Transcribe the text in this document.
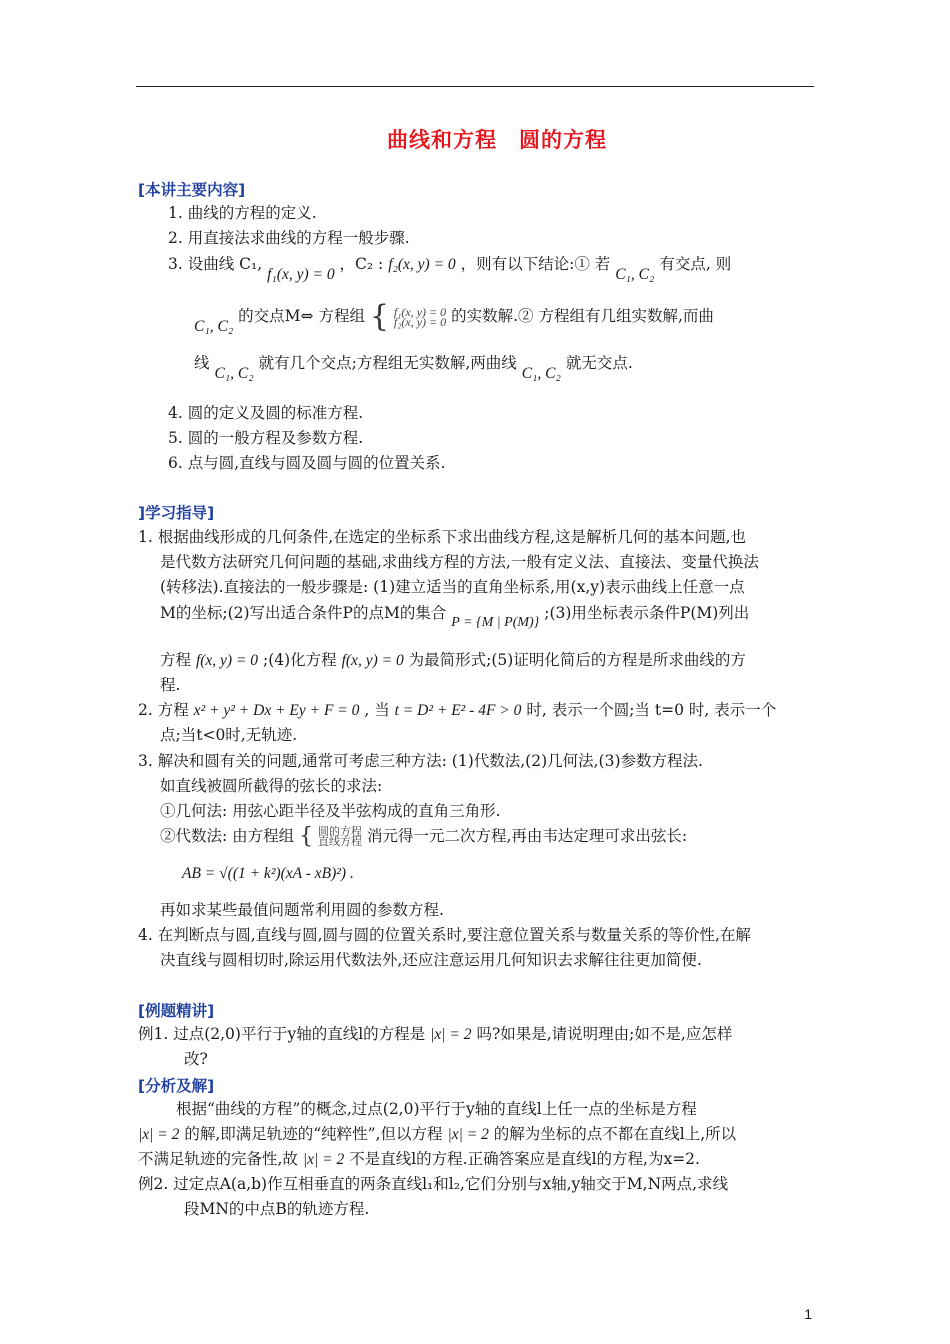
曲线和方程　圆的方程
[本讲主要内容]
1. 曲线的方程的定义.
2. 用直接法求曲线的方程一般步骤.
3. 设曲线 C₁, f₁(x, y) = 0 ，C₂ : f₂(x, y) = 0 ，则有以下结论:① 若 C₁, C₂ 有交点, 则
C₁, C₂ 的交点M⇔ 方程组 { f₁(x, y) = 0
f₂(x, y) = 0 的实数解.② 方程组有几组实数解,而曲
线 C₁, C₂ 就有几个交点;方程组无实数解,两曲线 C₁, C₂ 就无交点.
4. 圆的定义及圆的标准方程.
5. 圆的一般方程及参数方程.
6. 点与圆,直线与圆及圆与圆的位置关系.
]学习指导]
1. 根据曲线形成的几何条件,在选定的坐标系下求出曲线方程,这是解析几何的基本问题,也
是代数方法研究几何问题的基础,求曲线方程的方法,一般有定义法、直接法、变量代换法
(转移法).直接法的一般步骤是: (1)建立适当的直角坐标系,用(x,y)表示曲线上任意一点
M的坐标;(2)写出适合条件P的点M的集合 P = {M | P(M)} ;(3)用坐标表示条件P(M)列出
方程 f(x, y) = 0 ;(4)化方程 f(x, y) = 0 为最简形式;(5)证明化简后的方程是所求曲线的方
程.
2. 方程 x² + y² + Dx + Ey + F = 0 , 当 t = D² + E² - 4F > 0 时, 表示一个圆;当 t=0 时, 表示一个
点;当t<0时,无轨迹.
3. 解决和圆有关的问题,通常可考虑三种方法: (1)代数法,(2)几何法,(3)参数方程法.
如直线被圆所截得的弦长的求法:
①几何法: 用弦心距半径及半弦构成的直角三角形.
②代数法: 由方程组 { 圆的方程
直线方程 消元得一元二次方程,再由韦达定理可求出弦长:
AB = √((1 + k²)(xA - xB)²) .
再如求某些最值问题常利用圆的参数方程.
4. 在判断点与圆,直线与圆,圆与圆的位置关系时,要注意位置关系与数量关系的等价性,在解
决直线与圆相切时,除运用代数法外,还应注意运用几何知识去求解往往更加简便.
[例题精讲]
例1. 过点(2,0)平行于y轴的直线l的方程是 |x| = 2 吗?如果是,请说明理由;如不是,应怎样
改?
[分析及解]
根据“曲线的方程”的概念,过点(2,0)平行于y轴的直线l上任一点的坐标是方程
|x| = 2 的解,即满足轨迹的“纯粹性”,但以方程 |x| = 2 的解为坐标的点不都在直线l上,所以
不满足轨迹的完备性,故 |x| = 2 不是直线l的方程.正确答案应是直线l的方程,为x=2.
例2. 过定点A(a,b)作互相垂直的两条直线l₁和l₂,它们分别与x轴,y轴交于M,N两点,求线
段MN的中点B的轨迹方程.
1
